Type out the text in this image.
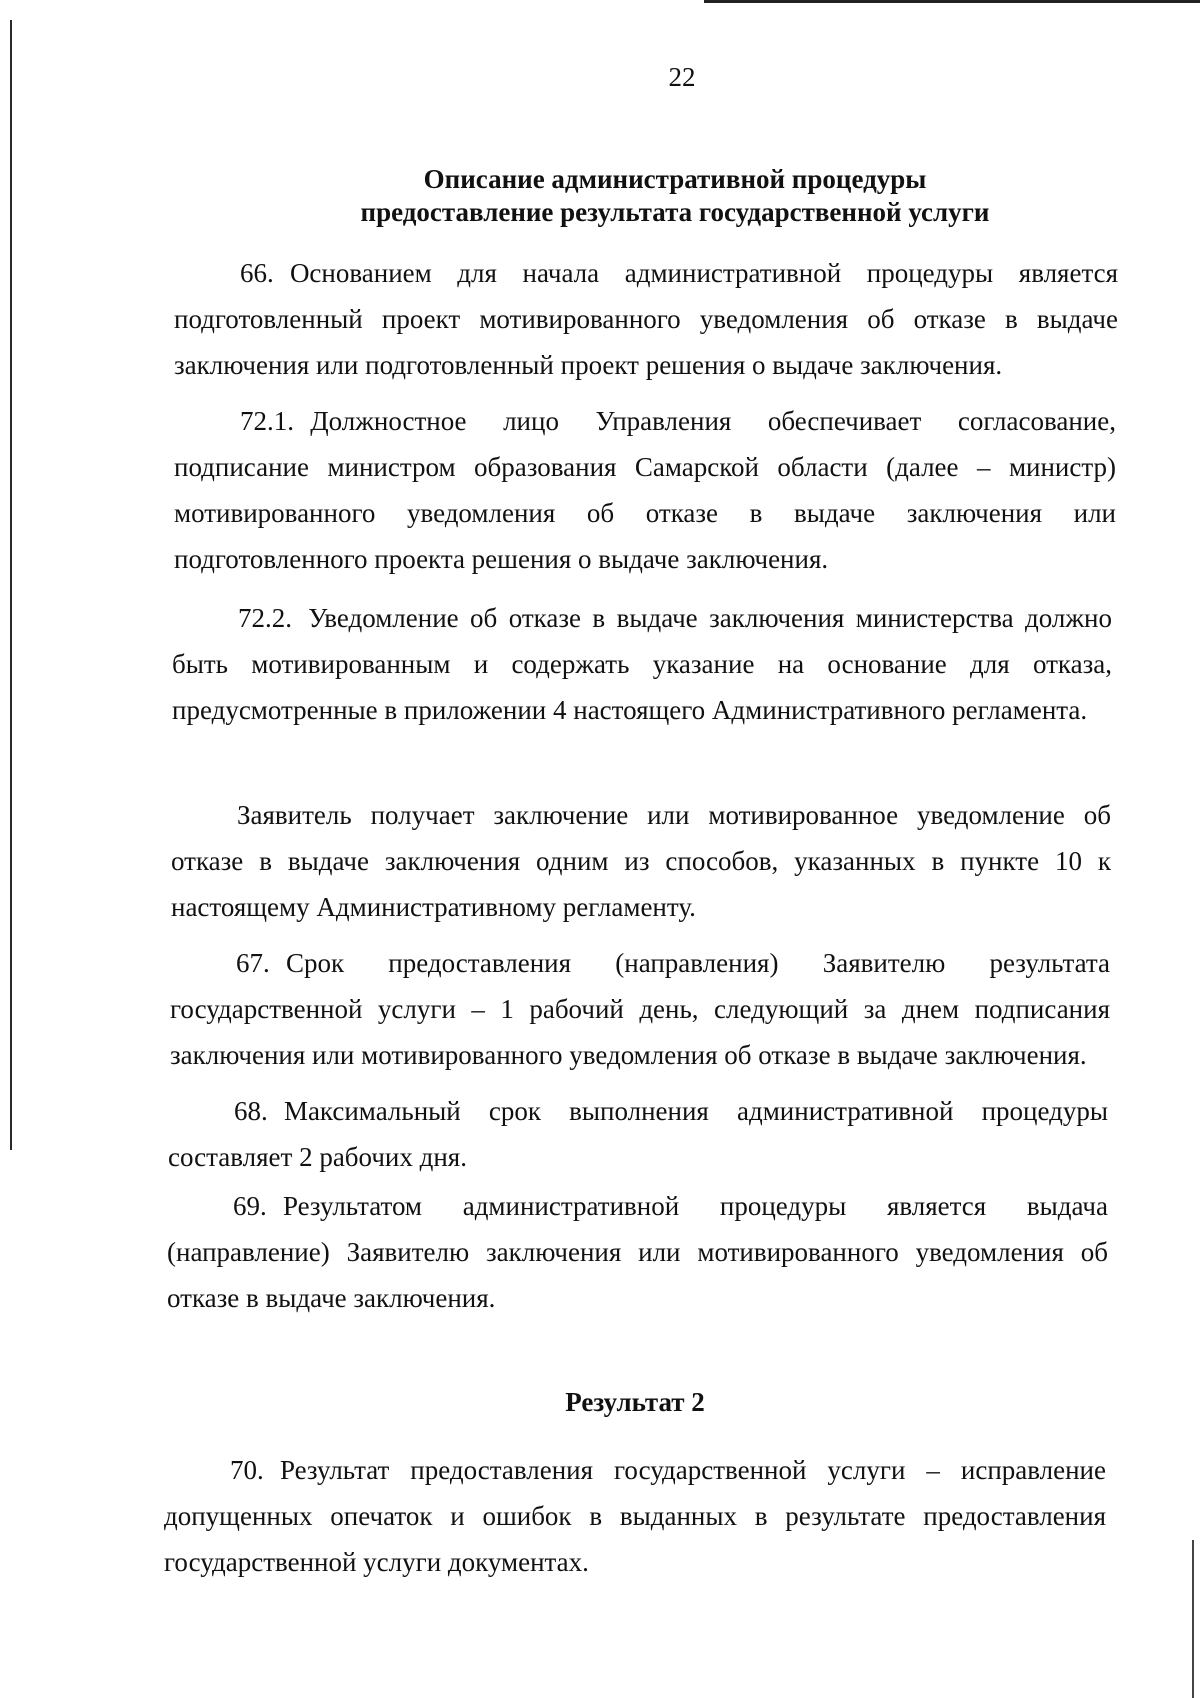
22
Описание административной процедуры
предоставление результата государственной услуги

66. Основанием для начала административной процедуры является подготовленный проект мотивированного уведомления об отказе в выдаче заключения или подготовленный проект решения о выдаче заключения.

72.1. Должностное лицо Управления обеспечивает согласование, подписание министром образования Самарской области (далее – министр) мотивированного уведомления об отказе в выдаче заключения или подготовленного проекта решения о выдаче заключения.

72.2. Уведомление об отказе в выдаче заключения министерства должно быть мотивированным и содержать указание на основание для отказа, предусмотренные в приложении 4 настоящего Административного регламента.

Заявитель получает заключение или мотивированное уведомление об отказе в выдаче заключения одним из способов, указанных в пункте 10 к настоящему Административному регламенту.

67. Срок предоставления (направления) Заявителю результата государственной услуги – 1 рабочий день, следующий за днем подписания заключения или мотивированного уведомления об отказе в выдаче заключения.

68. Максимальный срок выполнения административной процедуры составляет 2 рабочих дня.

69. Результатом административной процедуры является выдача (направление) Заявителю заключения или мотивированного уведомления об отказе в выдаче заключения.

Результат 2

70. Результат предоставления государственной услуги – исправление допущенных опечаток и ошибок в выданных в результате предоставления государственной услуги документах.
